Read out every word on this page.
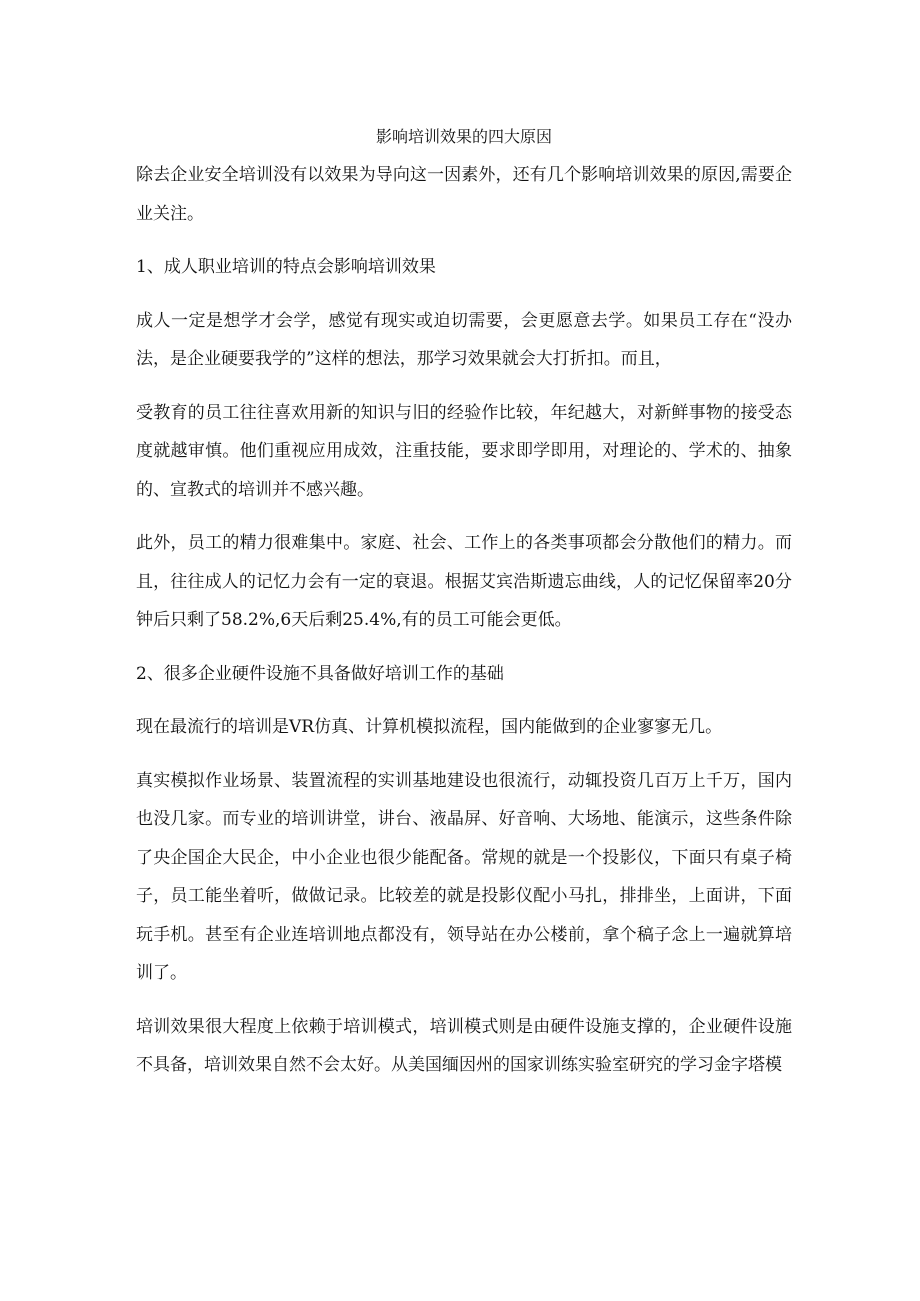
影响培训效果的四大原因
除去企业安全培训没有以效果为导向这一因素外，还有几个影响培训效果的原因,需要企业关注。
1、成人职业培训的特点会影响培训效果
成人一定是想学才会学，感觉有现实或迫切需要，会更愿意去学。如果员工存在“没办法，是企业硬要我学的”这样的想法，那学习效果就会大打折扣。而且，
受教育的员工往往喜欢用新的知识与旧的经验作比较，年纪越大，对新鲜事物的接受态度就越审慎。他们重视应用成效，注重技能，要求即学即用，对理论的、学术的、抽象的、宣教式的培训并不感兴趣。
此外，员工的精力很难集中。家庭、社会、工作上的各类事项都会分散他们的精力。而且，往往成人的记忆力会有一定的衰退。根据艾宾浩斯遗忘曲线，人的记忆保留率20分钟后只剩了58.2%,6天后剩25.4%,有的员工可能会更低。
2、很多企业硬件设施不具备做好培训工作的基础
现在最流行的培训是VR仿真、计算机模拟流程，国内能做到的企业寥寥无几。
真实模拟作业场景、装置流程的实训基地建设也很流行，动辄投资几百万上千万，国内也没几家。而专业的培训讲堂，讲台、液晶屏、好音响、大场地、能演示，这些条件除了央企国企大民企，中小企业也很少能配备。常规的就是一个投影仪，下面只有桌子椅子，员工能坐着听，做做记录。比较差的就是投影仪配小马扎，排排坐，上面讲，下面玩手机。甚至有企业连培训地点都没有，领导站在办公楼前，拿个稿子念上一遍就算培训了。
培训效果很大程度上依赖于培训模式，培训模式则是由硬件设施支撑的，企业硬件设施不具备，培训效果自然不会太好。从美国缅因州的国家训练实验室研究的学习金字塔模
